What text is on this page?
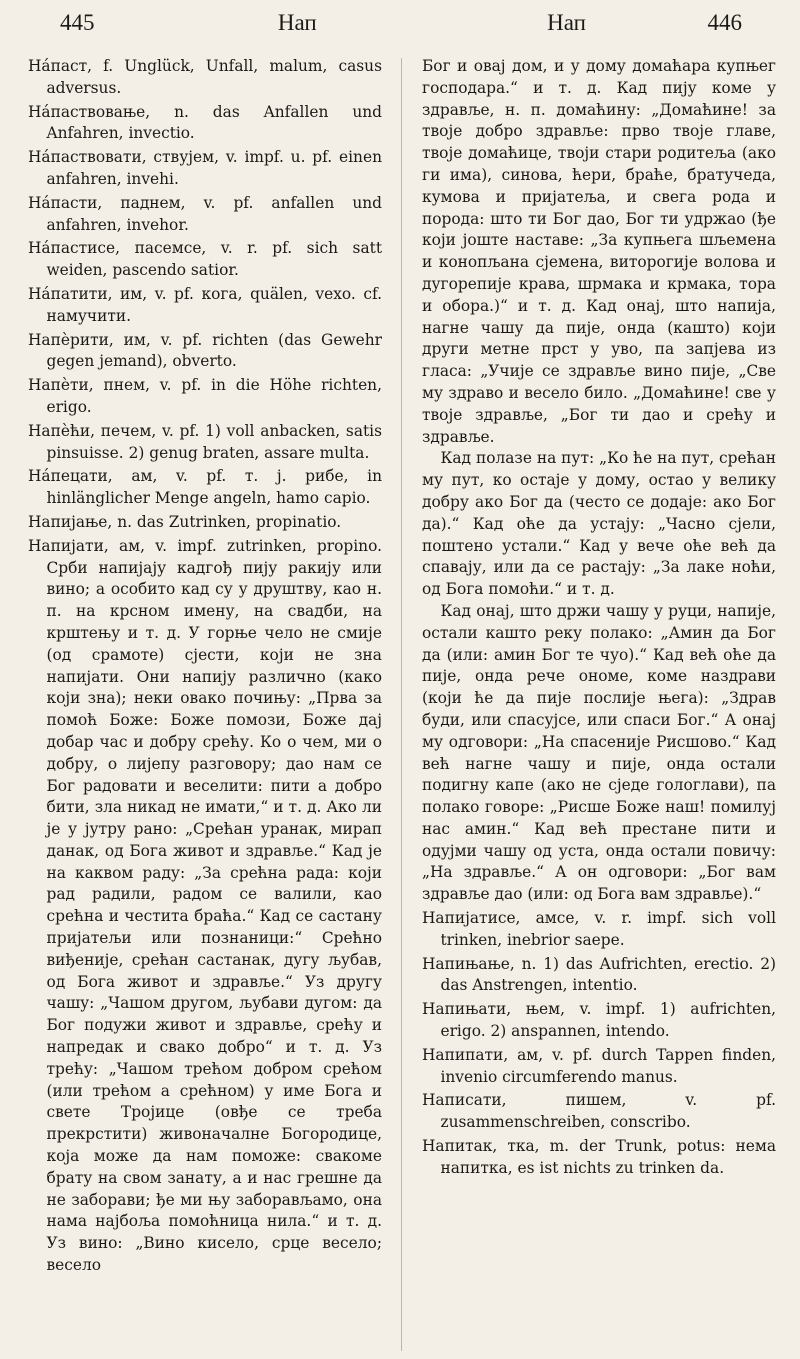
445	Нап	Нап	446

Нáпаст, f. Unglück, Unfall, malum, casus adversus.

Нáпаствовање, n. das Anfallen und Anfahren, invectio.

Нáпаствовати, ствујем, v. impf. u. pf. einen anfahren, invehi.

Нáпасти, паднем, v. pf. anfallen und anfahren, invehor.

Нáпастисе, пасемсе, v. r. pf. sich satt weiden, pascendo satior.

Нáпатити, им, v. pf. кога, quälen, vexo. cf. намучити.

Напèрити, им, v. pf. richten (das Gewehr gegen jemand), obverto.

Напèти, пнем, v. pf. in die Höhe richten, erigo.

Напèћи, печем, v. pf. 1) voll anbacken, satis pinsuisse. 2) genug braten, assare multa.

Нáпецати, ам, v. pf. т. ј. рибе, in hinlänglicher Menge angeln, hamo capio.

Напијање, n. das Zutrinken, propinatio.

Напијати, ам, v. impf. zutrinken, propino. Срби напијају кадгођ пију ракију или вино; а особито кад су у друштву, као н. п. на крсном имену, на свадби, на крштењу и т. д. У горње чело не смије (од срамоте) сјести, који не зна напијати. Они напију различно (како који зна); неки овако почињу: „Прва за помоћ Боже: Боже помози, Боже дај добар час и добру срећу. Ко о чем, ми о добру, о лијепу разговору; дао нам се Бог радовати и веселити: пити а добро бити, зла никад не имати,“ и т. д. Ако ли је у јутру рано: „Срећан уранак, мирап данак, од Бога живот и здравље.“ Кад је на каквом раду: „За срећна рада: који рад радили, радом се валили, као срећна и честита браћа.“ Кад се састану пријатељи или познаници:“ Срећно виђеније, срећан састанак, дугу љубав, од Бога живот и здравље.“ Уз другу чашу: „Чашом другом, љубави дугом: да Бог подужи живот и здравље, срећу и напредак и свако добро“ и т. д. Уз трећу: „Чашом трећом добром срећом (или трећом а срећном) у име Бога и свете Тројице (овђе се треба прекрстити) живоначалне Богородице, која може да нам поможе: свакоме брату на свом занату, а и нас грешне да не заборави; ђе ми њу заборављамо, она нама најбоља помоћница нила.“ и т. д. Уз вино: „Вино кисело, срце весело; весело

Бог и овај дом, и у дому домаћара купњег господара.“ и т. д. Кад пију коме у здравље, н. п. домаћину: „Домаћине! за твоје добро здравље: прво твоје главе, твоје домаћице, твоји стари родитеља (ако ги има), синова, ћери, браће, братучеда, кумова и пријатеља, и свега рода и порода: што ти Бог дао, Бог ти удржао (ђе који јоште наставе: „За купњега шљемена и конопљана сјемена, виторогије волова и дугорепије крава, шрмака и крмака, тора и обора.)“ и т. д. Кад онај, што напија, нагне чашу да пије, онда (кашто) који други метне прст у уво, па запјева из гласа: „Учије се здравље вино пије, „Све му здраво и весело било. „Домаћине! све у твоје здравље, „Бог ти дао и срећу и здравље.

Кад полазе на пут: „Ко ће на пут, срећан му пут, ко остаје у дому, остао у велику добру ако Бог да (често се додаје: ако Бог да).“ Кад оће да устају: „Часно сјели, поштено устали.“ Кад у вече оће већ да спавају, или да се растају: „За лаке ноћи, од Бога помоћи.“ и т. д.

Кад онај, што држи чашу у руци, напије, остали кашто реку полако: „Амин да Бог да (или: амин Бог те чуо).“ Кад већ оће да пије, онда рече ономе, коме наздрави (који ће да пије послије њега): „Здрав буди, или спасујсе, или спаси Бог.“ А онај му одговори: „На спасеније Рисшово.“ Кад већ нагне чашу и пије, онда остали подигну капе (ако не сједе гологлави), па полако говоре: „Рисше Боже наш! помилуј нас амин.“ Кад већ престане пити и одујми чашу од уста, онда остали повичу: „На здравље.“ А он одговори: „Бог вам здравље дао (или: од Бога вам здравље).“

Напијатисе, амсе, v. r. impf. sich voll trinken, inebrior saepe.

Напињање, n. 1) das Aufrichten, erectio. 2) das Anstrengen, intentio.

Напињати, њем, v. impf. 1) aufrichten, erigo. 2) anspannen, intendo.

Напипати, ам, v. pf. durch Tappen finden, invenio circumferendo manus.

Написати, пишем, v. pf. zusammenschreiben, conscribo.

Напитак, тка, m. der Trunk, potus: нема напитка, es ist nichts zu trinken da.
